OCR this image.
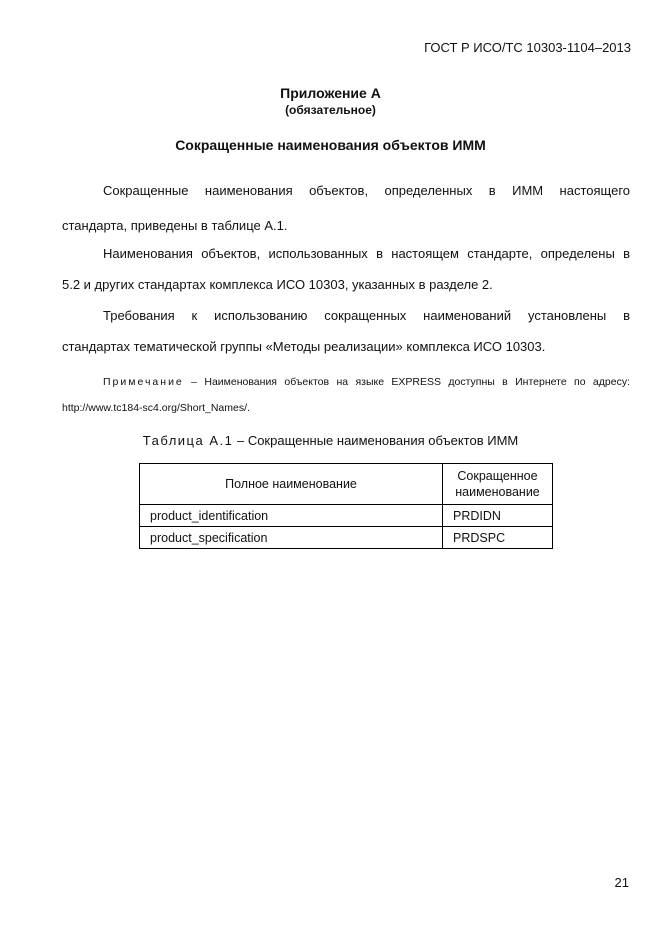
ГОСТ Р ИСО/ТС 10303-1104–2013
Приложение А
(обязательное)
Сокращенные наименования объектов ИММ
Сокращенные наименования объектов, определенных в ИММ настоящего
стандарта, приведены в таблице А.1.
Наименования объектов, использованных в настоящем стандарте, определены в
5.2 и других стандартах комплекса ИСО 10303, указанных в разделе 2.
Требования к использованию сокращенных наименований установлены в
стандартах тематической группы «Методы реализации» комплекса ИСО 10303.
Примечание – Наименования объектов на языке EXPRESS доступны в Интернете по адресу:
http://www.tc184-sc4.org/Short_Names/.
Таблица А.1 – Сокращенные наименования объектов ИММ
Полное наименование	Сокращенное
наименование
product_identification	PRDIDN
product_specification	PRDSPC
21
